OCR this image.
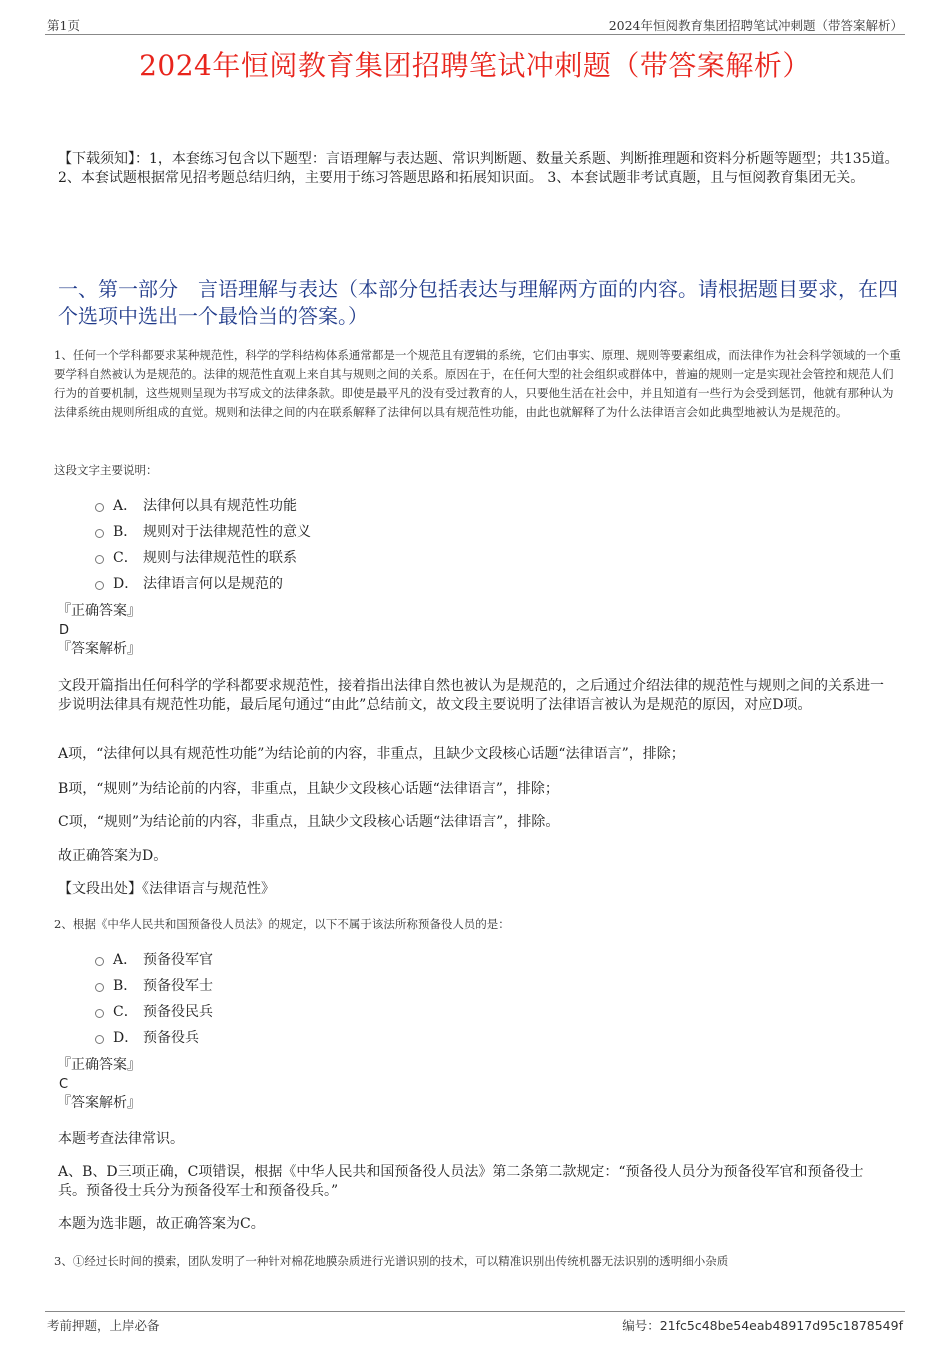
第1页	2024年恒阅教育集团招聘笔试冲刺题（带答案解析）
2024年恒阅教育集团招聘笔试冲刺题（带答案解析）
【下载须知】：1，本套练习包含以下题型：言语理解与表达题、常识判断题、数量关系题、判断推理题和资料分析题等题型；共135道。 2、本套试题根据常见招考题总结归纳，主要用于练习答题思路和拓展知识面。 3、本套试题非考试真题，且与恒阅教育集团无关。
一、第一部分　言语理解与表达（本部分包括表达与理解两方面的内容。请根据题目要求，在四个选项中选出一个最恰当的答案。）
1、任何一个学科都要求某种规范性，科学的学科结构体系通常都是一个规范且有逻辑的系统，它们由事实、原理、规则等要素组成，而法律作为社会科学领域的一个重要学科自然被认为是规范的。法律的规范性直观上来自其与规则之间的关系。原因在于，在任何大型的社会组织或群体中，普遍的规则一定是实现社会管控和规范人们行为的首要机制，这些规则呈现为书写成文的法律条款。即使是最平凡的没有受过教育的人，只要他生活在社会中，并且知道有一些行为会受到惩罚，他就有那种认为法律系统由规则所组成的直觉。规则和法律之间的内在联系解释了法律何以具有规范性功能，由此也就解释了为什么法律语言会如此典型地被认为是规范的。
这段文字主要说明：
A． 法律何以具有规范性功能
B． 规则对于法律规范性的意义
C． 规则与法律规范性的联系
D． 法律语言何以是规范的
『正确答案』
D
『答案解析』
文段开篇指出任何科学的学科都要求规范性，接着指出法律自然也被认为是规范的，之后通过介绍法律的规范性与规则之间的关系进一步说明法律具有规范性功能，最后尾句通过“由此”总结前文，故文段主要说明了法律语言被认为是规范的原因，对应D项。
A项，“法律何以具有规范性功能”为结论前的内容，非重点，且缺少文段核心话题“法律语言”，排除；
B项，“规则”为结论前的内容，非重点，且缺少文段核心话题“法律语言”，排除；
C项，“规则”为结论前的内容，非重点，且缺少文段核心话题“法律语言”，排除。
故正确答案为D。
【文段出处】《法律语言与规范性》
2、根据《中华人民共和国预备役人员法》的规定，以下不属于该法所称预备役人员的是：
A． 预备役军官
B． 预备役军士
C． 预备役民兵
D． 预备役兵
『正确答案』
C
『答案解析』
本题考查法律常识。
A、B、D三项正确，C项错误，根据《中华人民共和国预备役人员法》第二条第二款规定：“预备役人员分为预备役军官和预备役士兵。预备役士兵分为预备役军士和预备役兵。”
本题为选非题，故正确答案为C。
3、①经过长时间的摸索，团队发明了一种针对棉花地膜杂质进行光谱识别的技术，可以精准识别出传统机器无法识别的透明细小杂质
考前押题，上岸必备	编号：21fc5c48be54eab48917d95c1878549f
